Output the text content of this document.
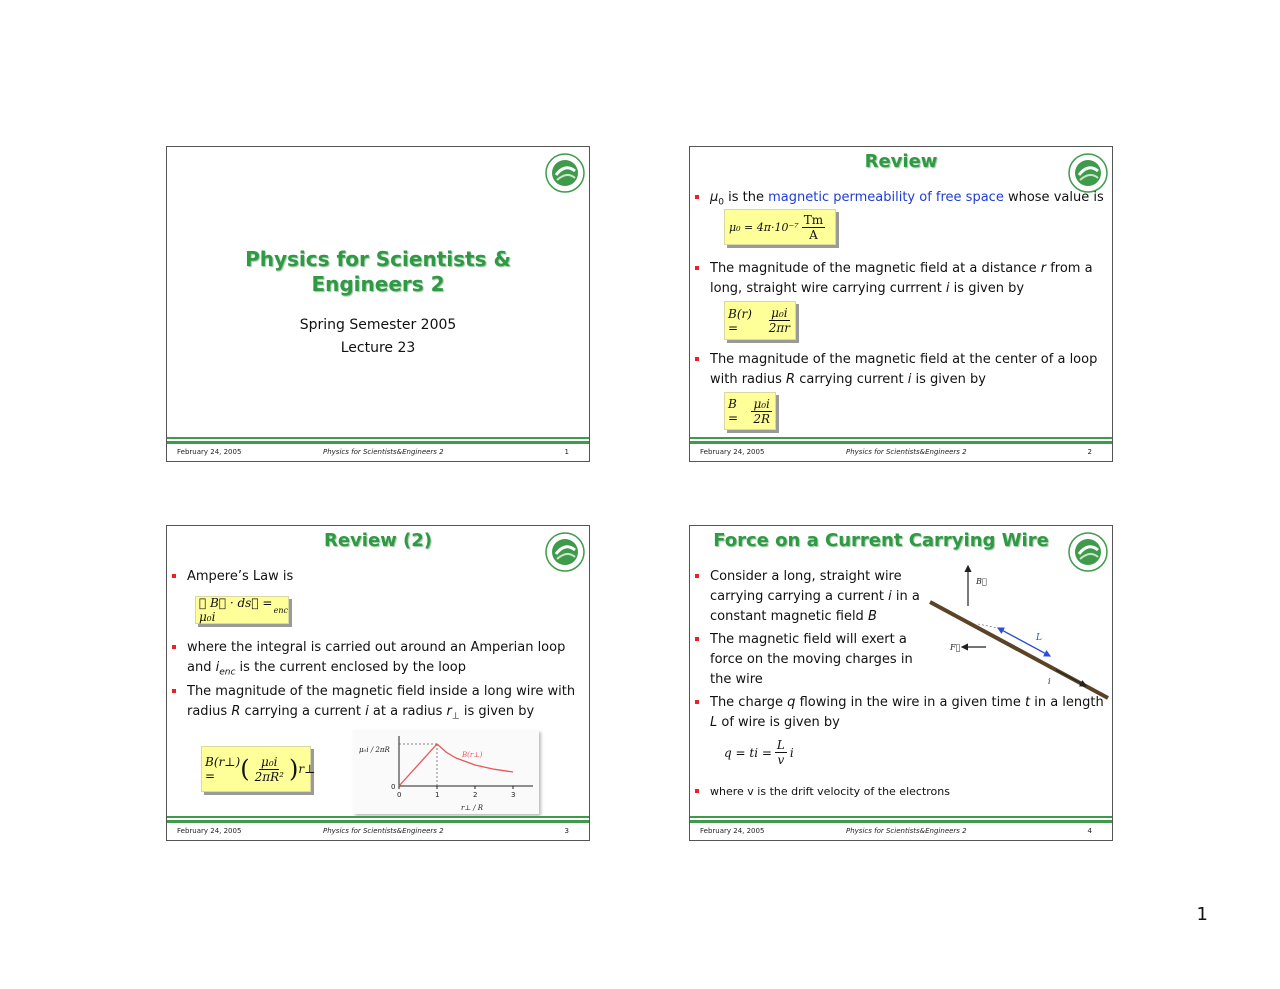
Physics for Scientists &
Engineers 2
Spring Semester 2005
Lecture 23
February 24, 2005	Physics for Scientists&Engineers 2	1
Review
$\mu_0$ is the magnetic permeability of free space whose value is
$\mu_0 = 4\pi\cdot 10^{-7} \frac{Tm}{A}$
The magnitude of the magnetic field at a distance r from a long, straight wire carrying currrent i is given by
B(r) =	$\frac{\text{μ₀i}}{2\pi r}$
The magnitude of the magnetic field at the center of a loop with radius R carrying current i is given by
B =	$\frac{\text{μ₀i}}{2R}$
February 24, 2005	Physics for Scientists&Engineers 2	2
Review (2)
Ampere’s Law is
∮ B⃗ · ds⃗ = μ₀i	enc
where the integral is carried out around an Amperian loop and $i_{enc}$ is the current enclosed by the loop
The magnitude of the magnetic field inside a long wire with radius R carrying a current i at a radius $r_\perp$ is given by
B(r⊥) =	( $\frac{\text{μ₀i}}{\text{2πR²}}$ ) r⊥
μ₀i / 2πR
B(r⊥)
0
0	1	2	3
r⊥ / R
February 24, 2005	Physics for Scientists&Engineers 2	3
Force on a Current Carrying Wire
Consider a long, straight wire carrying carrying a current i in a constant magnetic field B
The magnetic field will exert a force on the moving charges in the wire
The charge q flowing in the wire in a given time t in a length L of wire is given by
q = ti = $\frac{L}{v}$ i
where v is the drift velocity of the electrons
B⃗
F⃗
L
i
February 24, 2005	Physics for Scientists&Engineers 2	4
1
